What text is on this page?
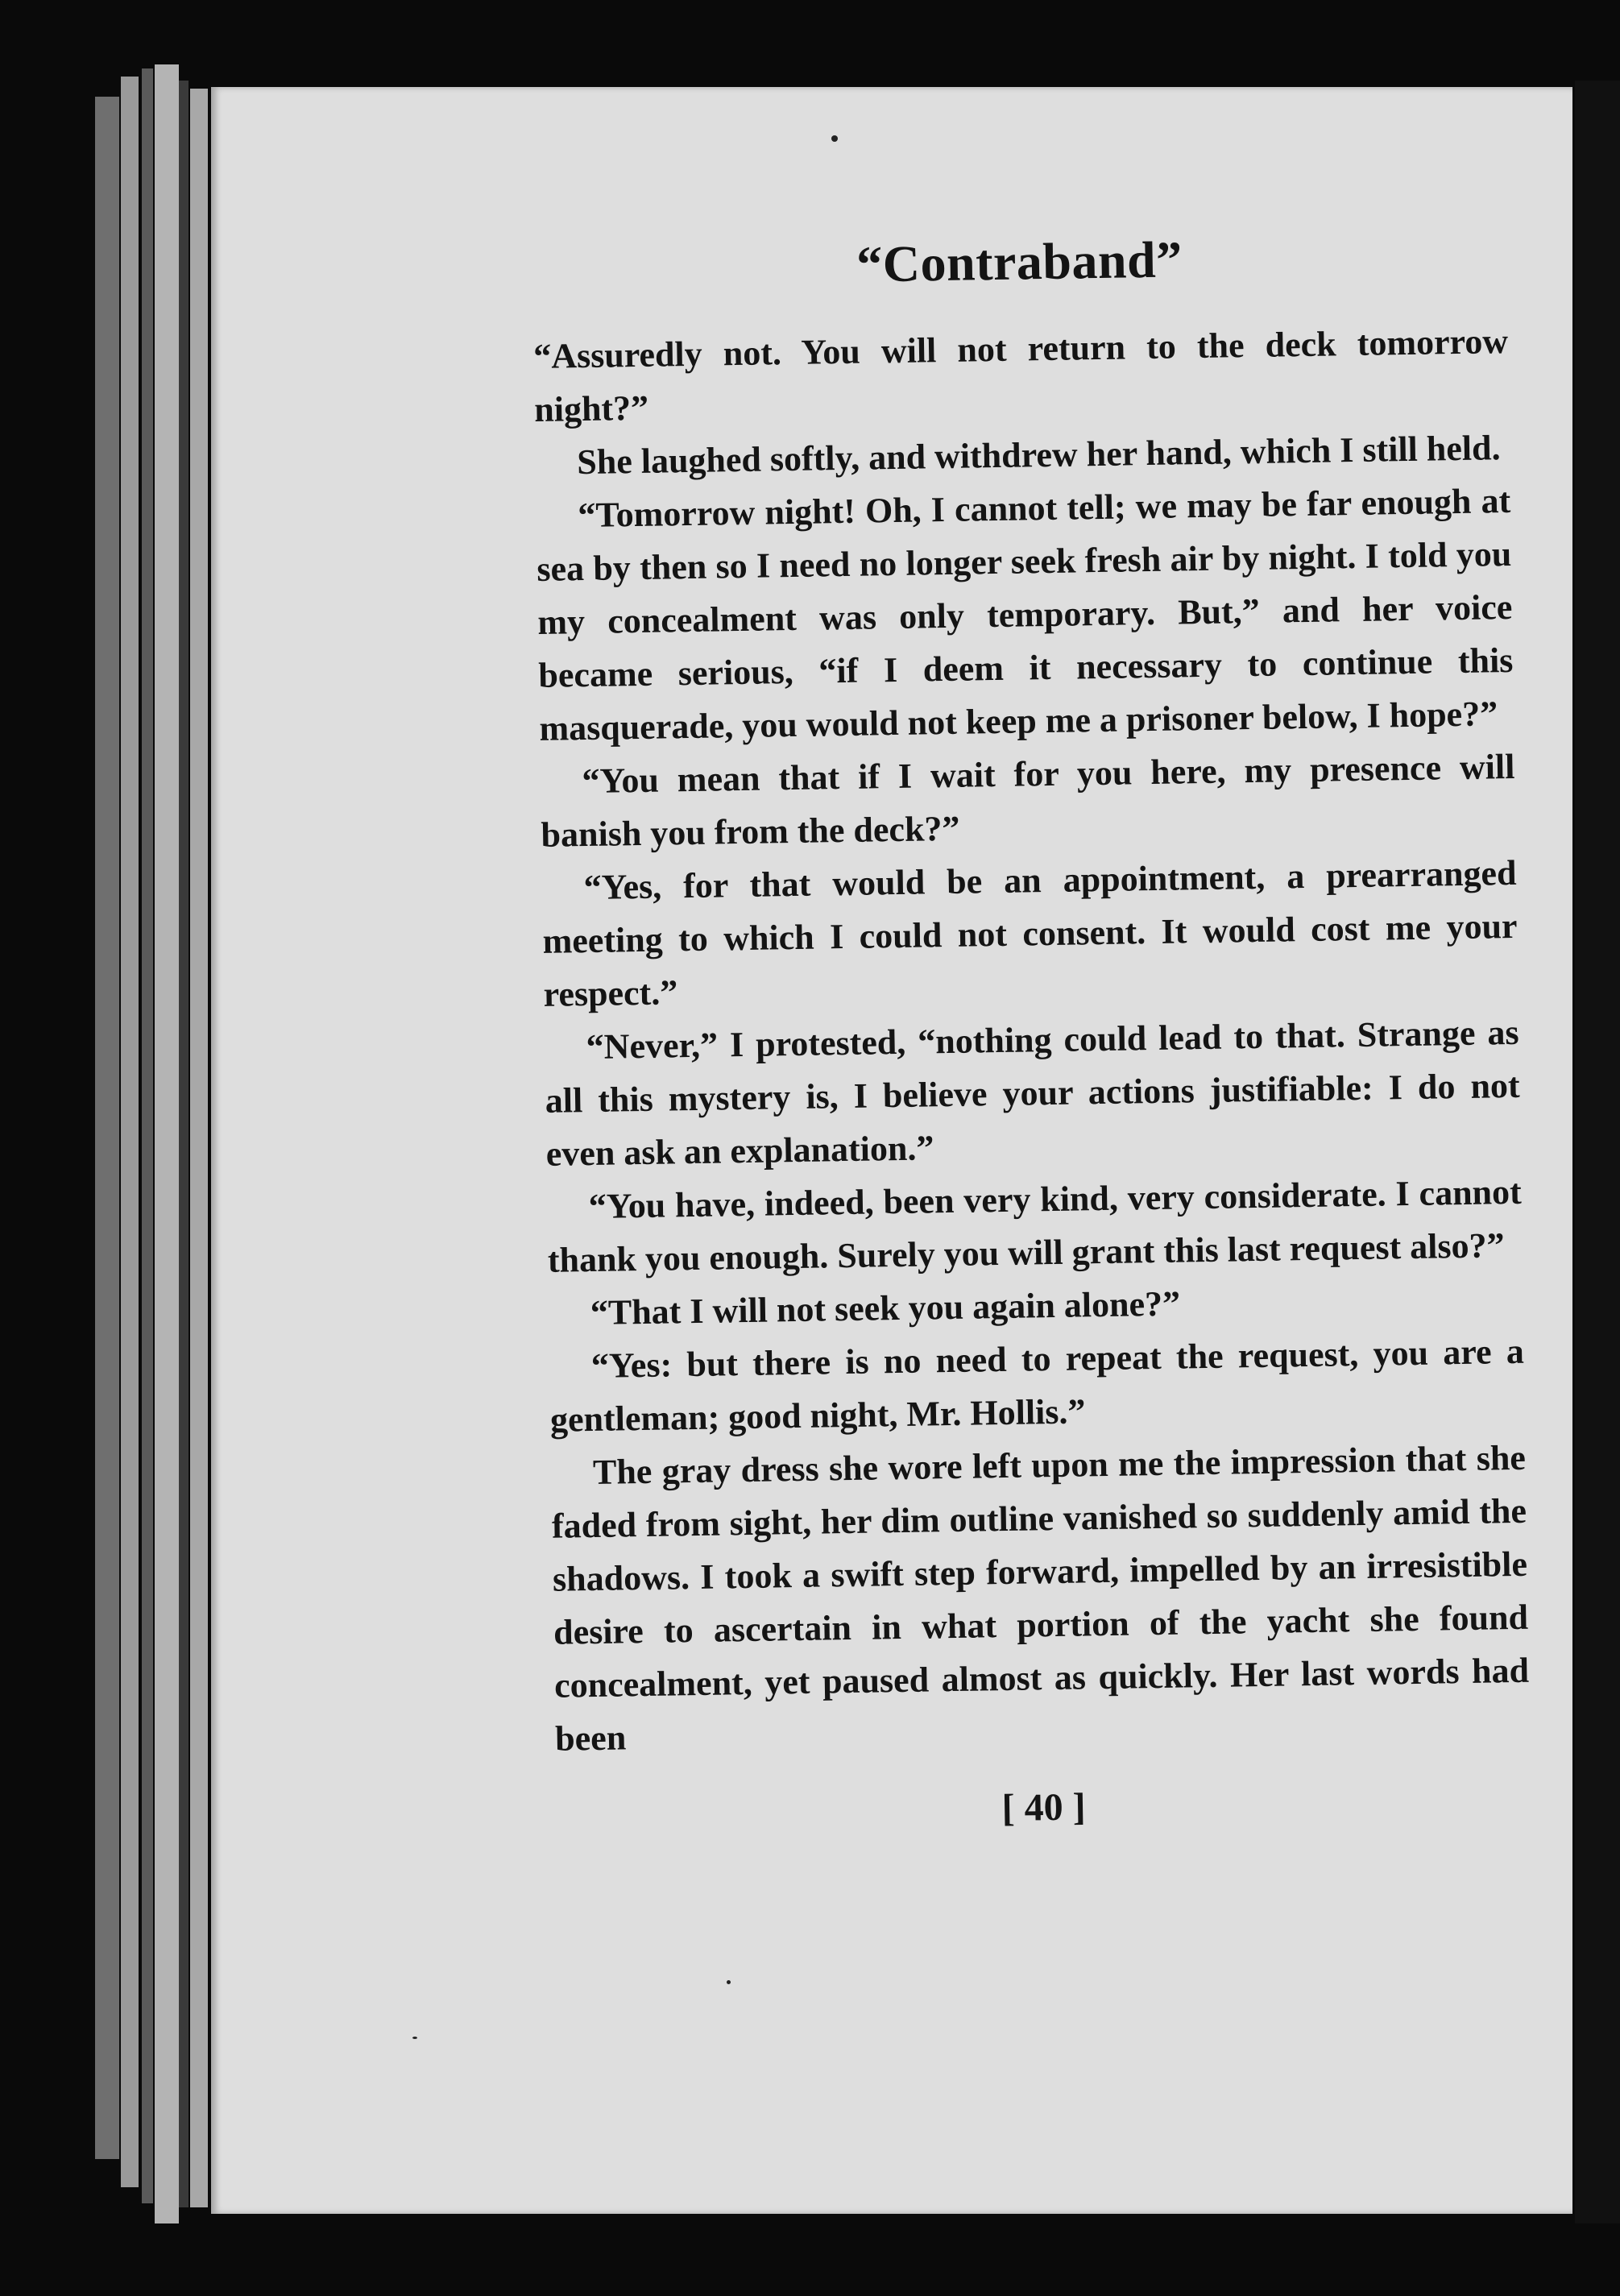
“Contraband”

“Assuredly not. You will not return to the deck tomorrow night?”

She laughed softly, and withdrew her hand, which I still held.

“Tomorrow night! Oh, I cannot tell; we may be far enough at sea by then so I need no longer seek fresh air by night. I told you my concealment was only temporary. But,” and her voice became serious, “if I deem it necessary to continue this masquerade, you would not keep me a prisoner below, I hope?”

“You mean that if I wait for you here, my presence will banish you from the deck?”

“Yes, for that would be an appointment, a prearranged meeting to which I could not consent. It would cost me your respect.”

“Never,” I protested, “nothing could lead to that. Strange as all this mystery is, I believe your actions justifiable: I do not even ask an explanation.”

“You have, indeed, been very kind, very considerate. I cannot thank you enough. Surely you will grant this last request also?”

“That I will not seek you again alone?”

“Yes: but there is no need to repeat the request, you are a gentleman; good night, Mr. Hollis.”

The gray dress she wore left upon me the impression that she faded from sight, her dim outline vanished so suddenly amid the shadows. I took a swift step forward, impelled by an irresistible desire to ascertain in what portion of the yacht she found concealment, yet paused almost as quickly. Her last words had been

[ 40 ]
